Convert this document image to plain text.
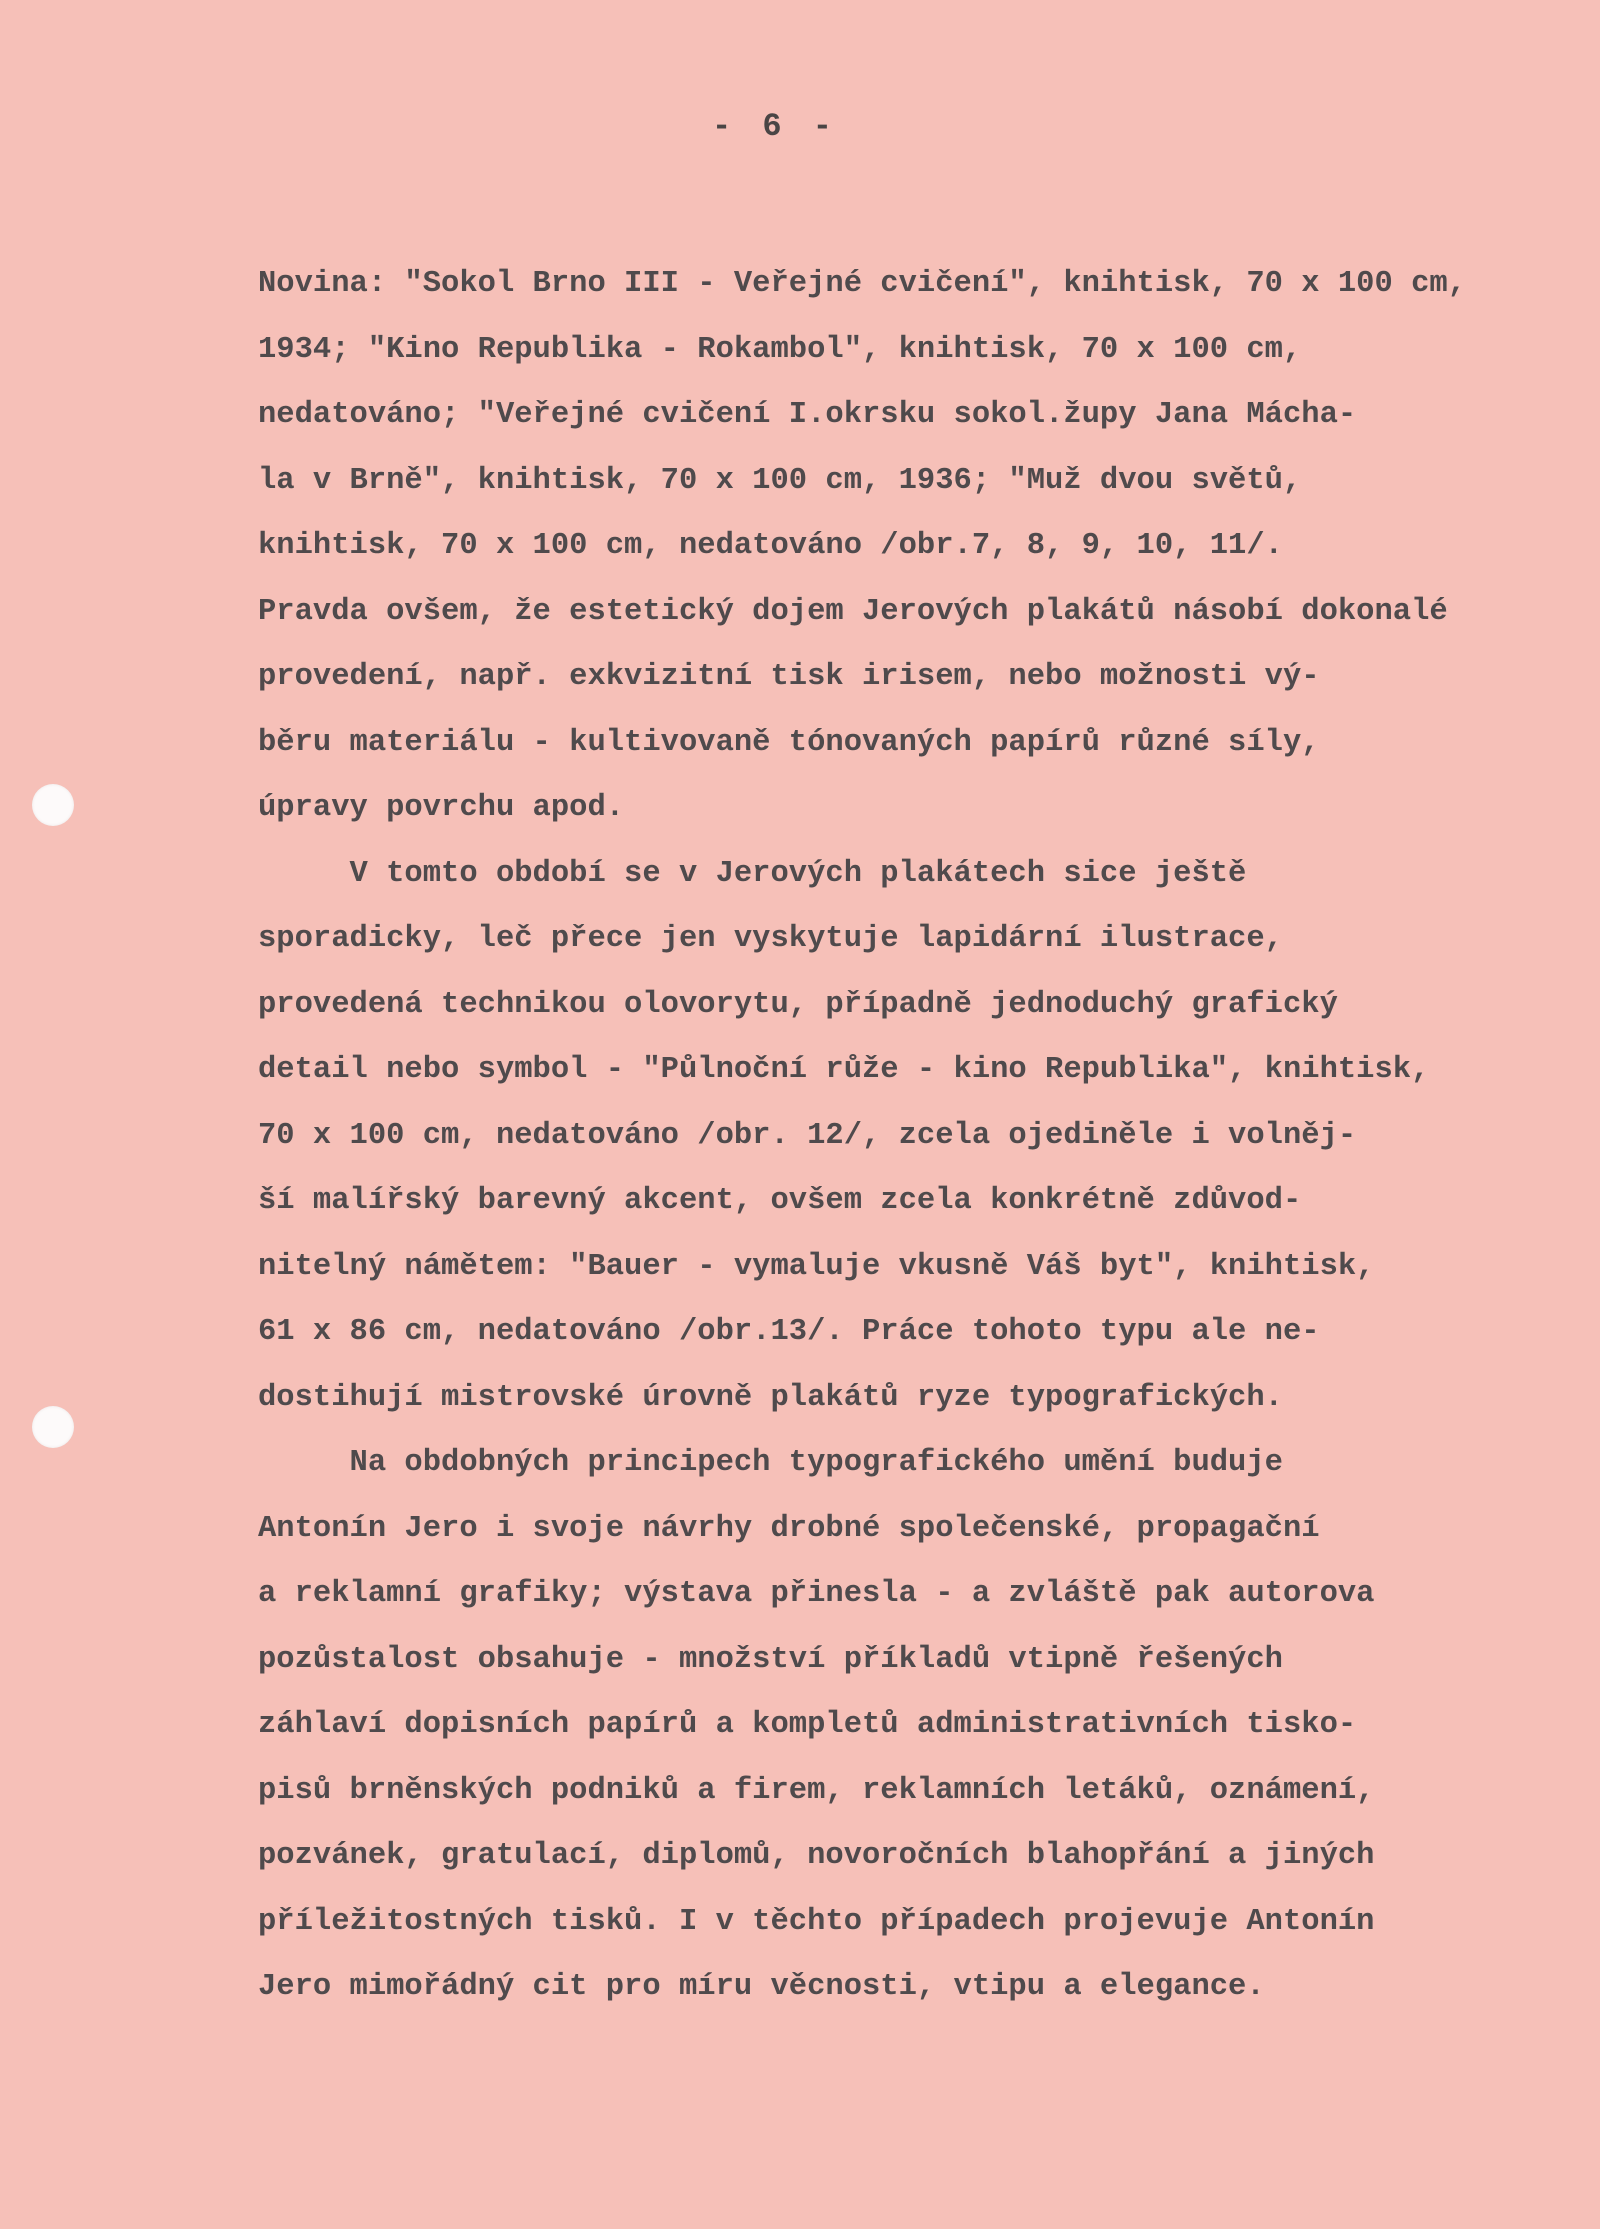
- 6 -
Novina: "Sokol Brno III - Veřejné cvičení", knihtisk, 70 x 100 cm,
1934; "Kino Republika - Rokambol", knihtisk, 70 x 100 cm,
nedatováno; "Veřejné cvičení I.okrsku sokol.župy Jana Mácha-
la v Brně", knihtisk, 70 x 100 cm, 1936; "Muž dvou světů,
knihtisk, 70 x 100 cm, nedatováno /obr.7, 8, 9, 10, 11/.
Pravda ovšem, že estetický dojem Jerových plakátů násobí dokonalé
provedení, např. exkvizitní tisk irisem, nebo možnosti vý-
běru materiálu - kultivovaně tónovaných papírů různé síly,
úpravy povrchu apod.
V tomto období se v Jerových plakátech sice ještě
sporadicky, leč přece jen vyskytuje lapidární ilustrace,
provedená technikou olovorytu, případně jednoduchý grafický
detail nebo symbol - "Půlnoční růže - kino Republika", knihtisk,
70 x 100 cm, nedatováno /obr. 12/, zcela ojediněle i volněj-
ší malířský barevný akcent, ovšem zcela konkrétně zdůvod-
nitelný námětem: "Bauer - vymaluje vkusně Váš byt", knihtisk,
61 x 86 cm, nedatováno /obr.13/. Práce tohoto typu ale ne-
dostihují mistrovské úrovně plakátů ryze typografických.
Na obdobných principech typografického umění buduje
Antonín Jero i svoje návrhy drobné společenské, propagační
a reklamní grafiky; výstava přinesla - a zvláště pak autorova
pozůstalost obsahuje - množství příkladů vtipně řešených
záhlaví dopisních papírů a kompletů administrativních tisko-
pisů brněnských podniků a firem, reklamních letáků, oznámení,
pozvánek, gratulací, diplomů, novoročních blahopřání a jiných
příležitostných tisků. I v těchto případech projevuje Antonín
Jero mimořádný cit pro míru věcnosti, vtipu a elegance.
